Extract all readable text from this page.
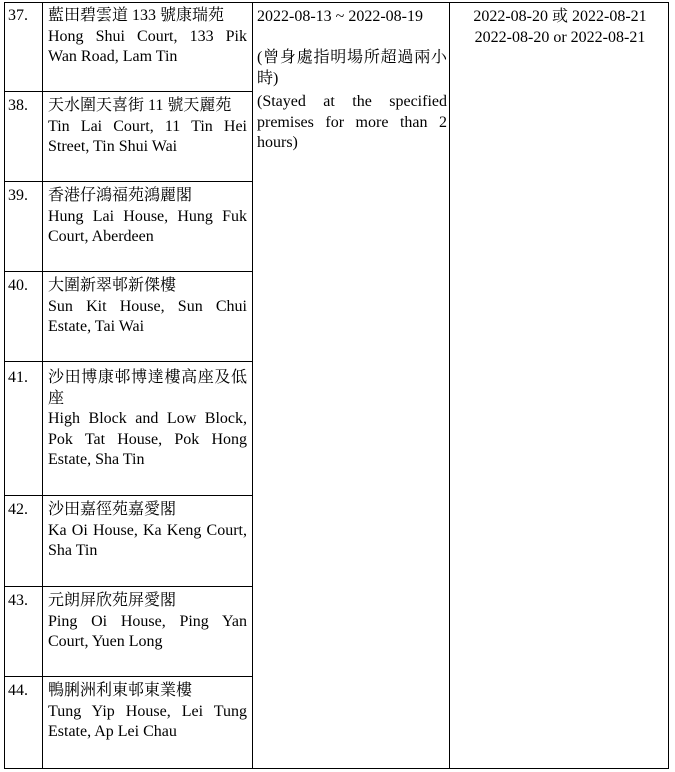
37. 藍田碧雲道 133 號康瑞苑
Hong Shui Court, 133 Pik Wan Road, Lam Tin
38. 天水圍天喜街 11 號天麗苑
Tin Lai Court, 11 Tin Hei Street, Tin Shui Wai
39. 香港仔鴻福苑鴻麗閣
Hung Lai House, Hung Fuk Court, Aberdeen
40. 大圍新翠邨新傑樓
Sun Kit House, Sun Chui Estate, Tai Wai
41. 沙田博康邨博達樓高座及低座
High Block and Low Block, Pok Tat House, Pok Hong Estate, Sha Tin
42. 沙田嘉徑苑嘉愛閣
Ka Oi House, Ka Keng Court, Sha Tin
43. 元朗屏欣苑屏愛閣
Ping Oi House, Ping Yan Court, Yuen Long
44. 鴨脷洲利東邨東業樓
Tung Yip House, Lei Tung Estate, Ap Lei Chau
2022-08-13 ~ 2022-08-19
(曾身處指明場所超過兩小時)
(Stayed at the specified premises for more than 2 hours)
2022-08-20 或 2022-08-21
2022-08-20 or 2022-08-21
